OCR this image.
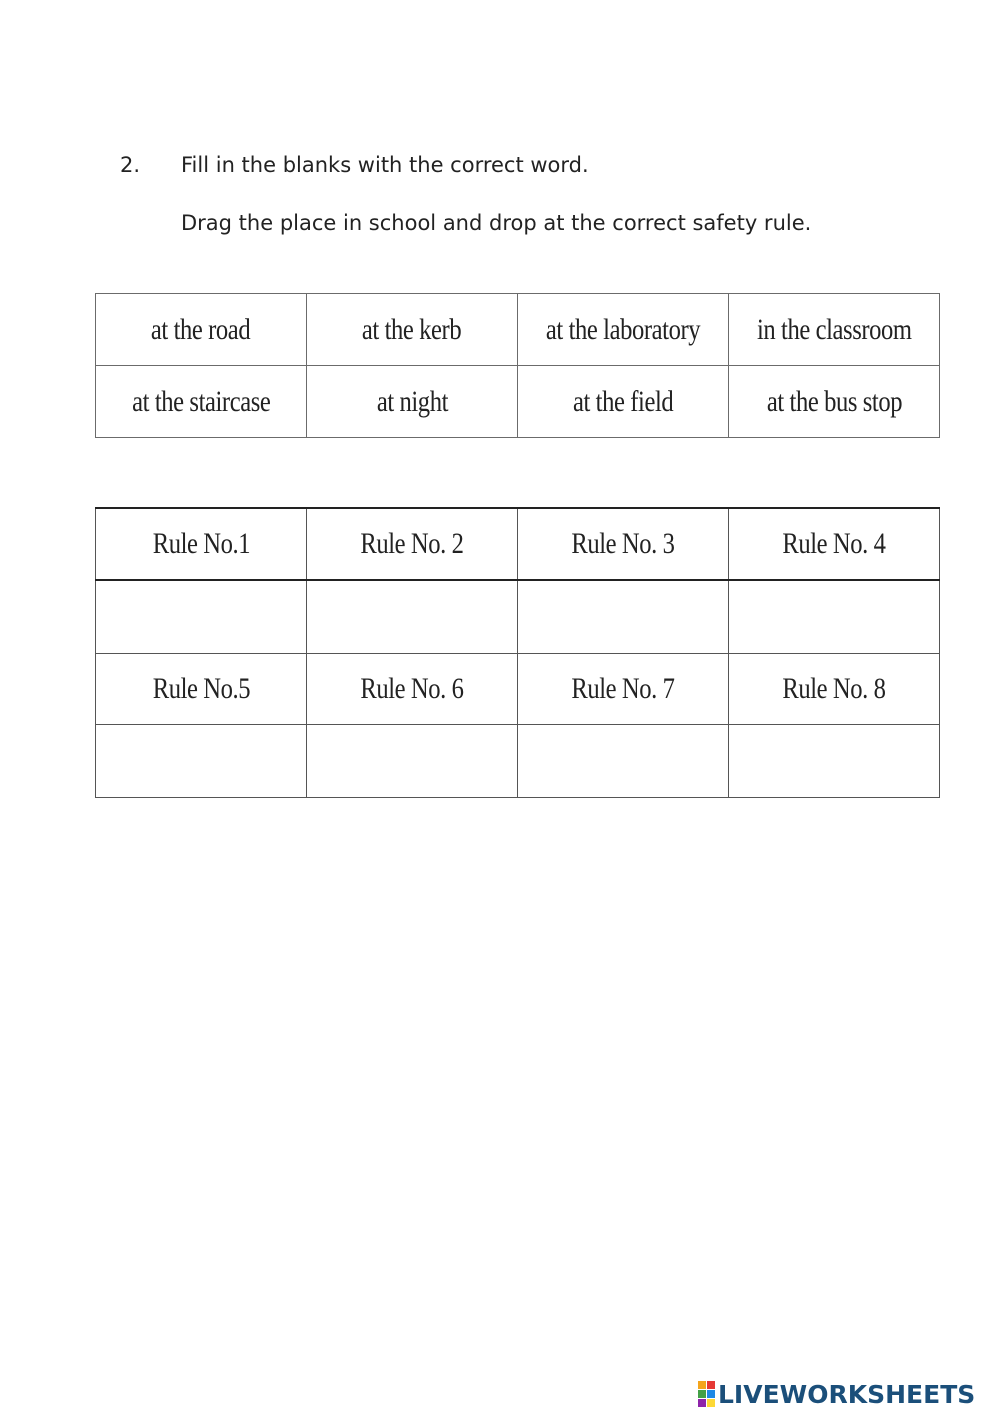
2. Fill in the blanks with the correct word.
Drag the place in school and drop at the correct safety rule.
at the road	at the kerb	at the laboratory	in the classroom
at the staircase	at night	at the field	at the bus stop
Rule No.1	Rule No. 2	Rule No. 3	Rule No. 4

Rule No.5	Rule No. 6	Rule No. 7	Rule No. 8

LIVEWORKSHEETS
